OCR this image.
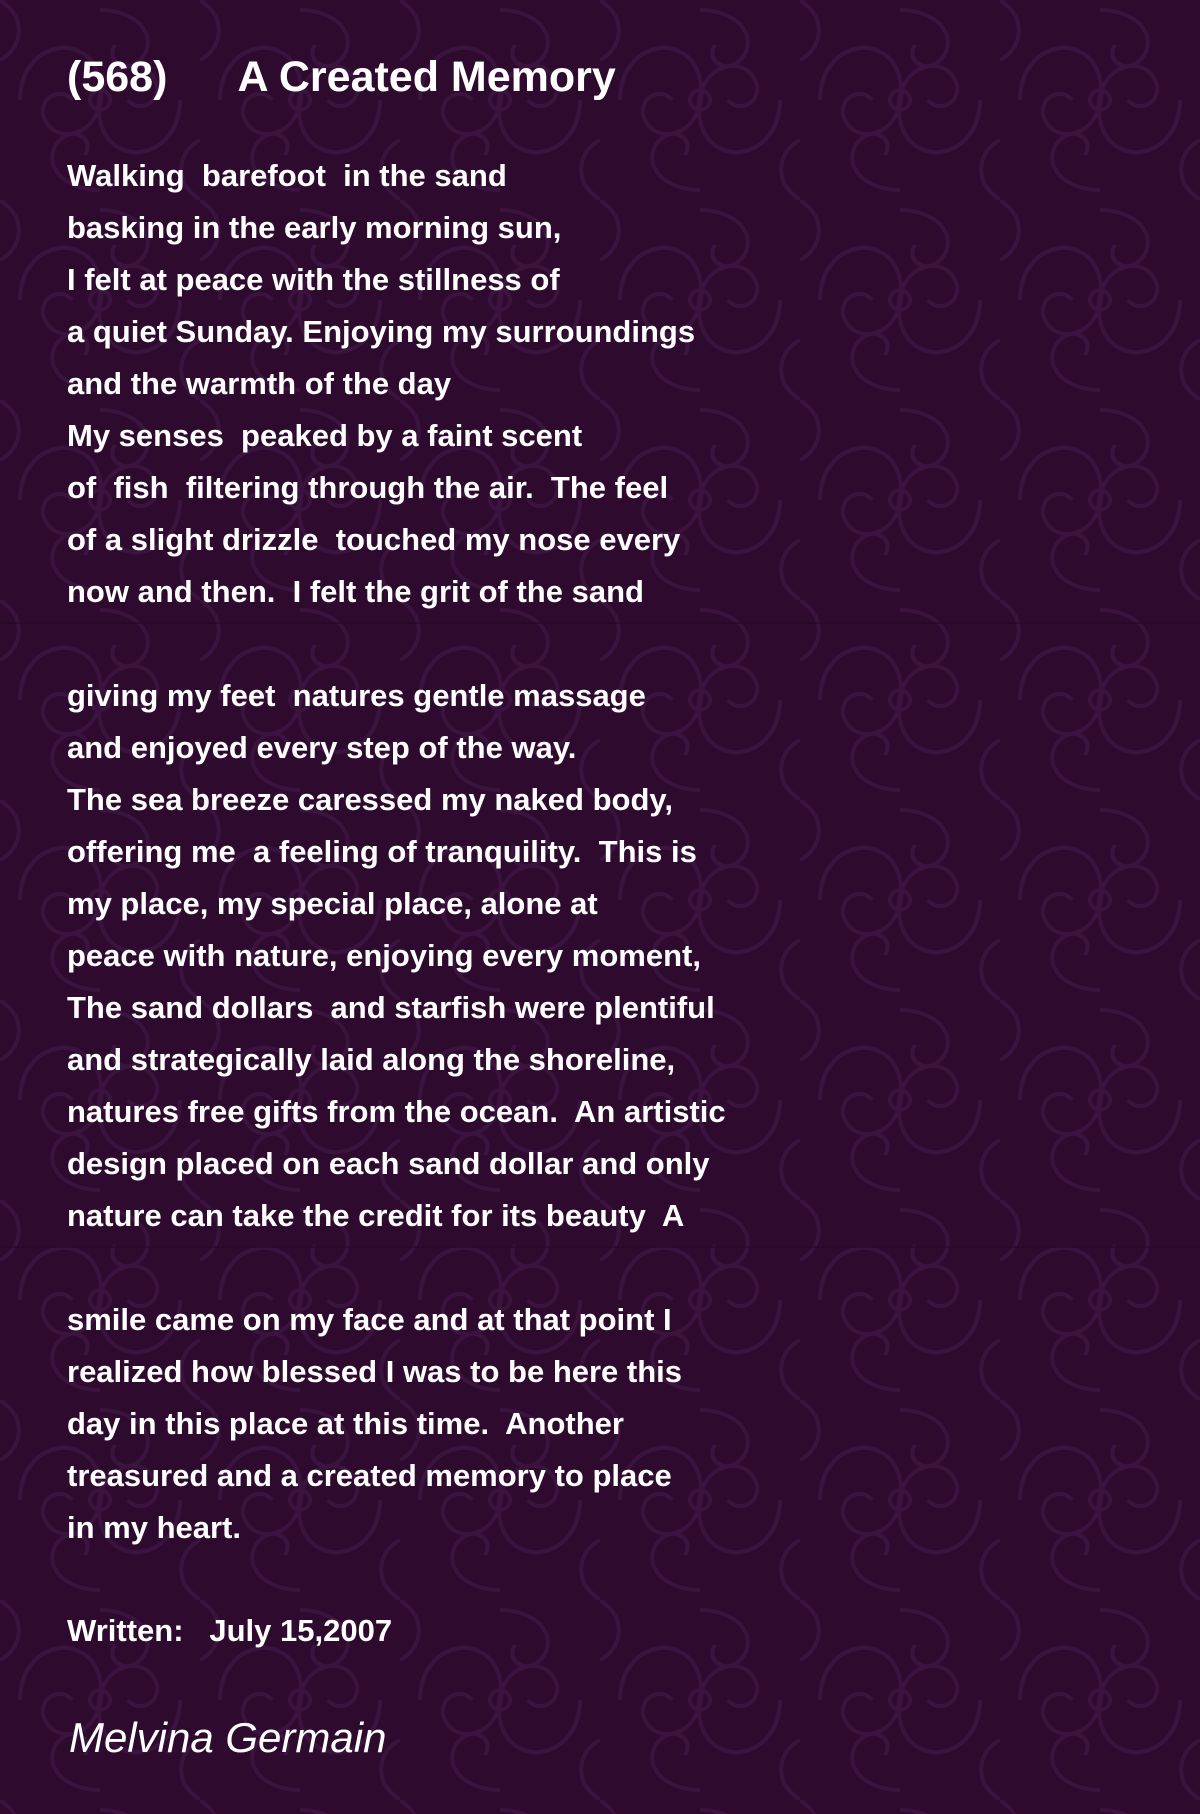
(568)      A Created Memory
Walking  barefoot  in the sand
basking in the early morning sun,
I felt at peace with the stillness of
a quiet Sunday. Enjoying my surroundings
and the warmth of the day
My senses  peaked by a faint scent
of  fish  filtering through the air.  The feel
of a slight drizzle  touched my nose every
now and then.  I felt the grit of the sand
giving my feet  natures gentle massage
and enjoyed every step of the way.
The sea breeze caressed my naked body,
offering me  a feeling of tranquility.  This is
my place, my special place, alone at
peace with nature, enjoying every moment,
The sand dollars  and starfish were plentiful
and strategically laid along the shoreline,
natures free gifts from the ocean.  An artistic
design placed on each sand dollar and only
nature can take the credit for its beauty  A
smile came on my face and at that point I
realized how blessed I was to be here this
day in this place at this time.  Another
treasured and a created memory to place
in my heart.

Written:   July 15,2007

Melvina Germain
